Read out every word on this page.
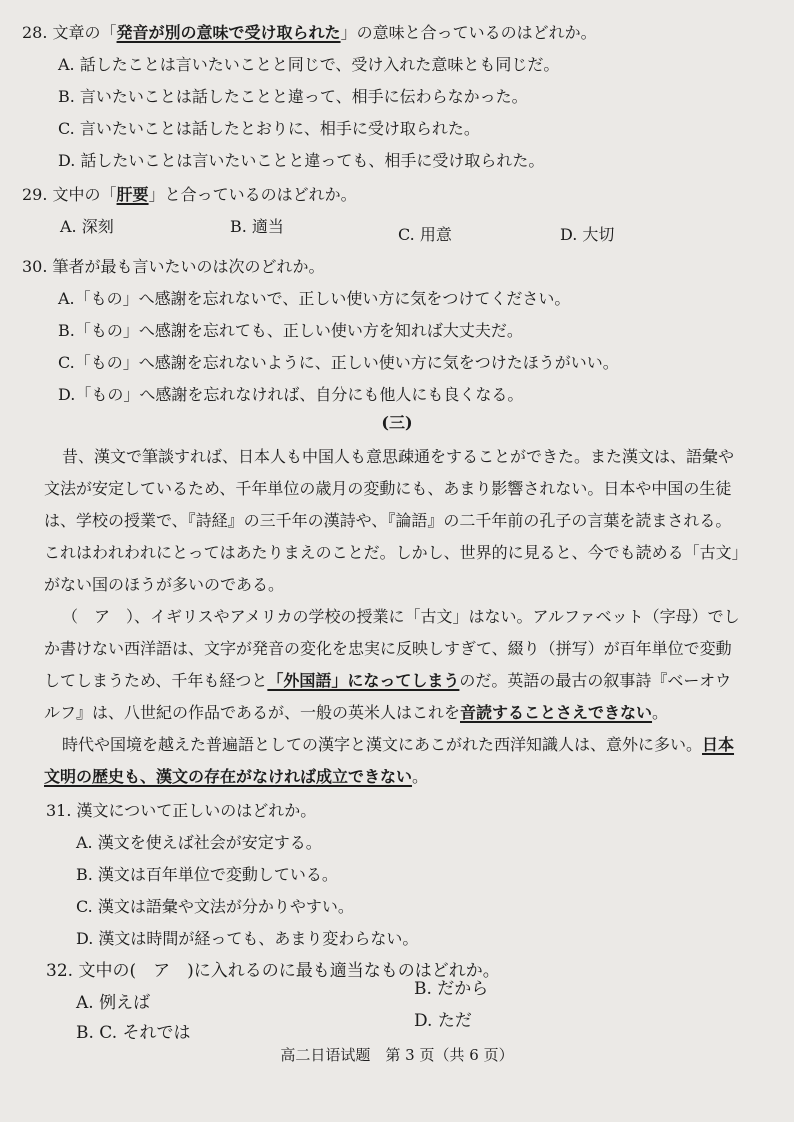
28. 文章の「発音が別の意味で受け取られた」の意味と合っているのはどれか。
A. 話したことは言いたいことと同じで、受け入れた意味とも同じだ。
B. 言いたいことは話したことと違って、相手に伝わらなかった。
C. 言いたいことは話したとおりに、相手に受け取られた。
D. 話したいことは言いたいことと違っても、相手に受け取られた。
29. 文中の「肝要」と合っているのはどれか。
A. 深刻	B. 適当	C. 用意	D. 大切
30. 筆者が最も言いたいのは次のどれか。
A.「もの」へ感謝を忘れないで、正しい使い方に気をつけてください。
B.「もの」へ感謝を忘れても、正しい使い方を知れば大丈夫だ。
C.「もの」へ感謝を忘れないように、正しい使い方に気をつけたほうがいい。
D.「もの」へ感謝を忘れなければ、自分にも他人にも良くなる。
(三)
昔、漢文で筆談すれば、日本人も中国人も意思疎通をすることができた。また漢文は、語彙や
文法が安定しているため、千年単位の歳月の変動にも、あまり影響されない。日本や中国の生徒
は、学校の授業で、『詩経』の三千年の漢詩や、『論語』の二千年前の孔子の言葉を読まされる。
これはわれわれにとってはあたりまえのことだ。しかし、世界的に見ると、今でも読める「古文」
がない国のほうが多いのである。
（　ア　）、イギリスやアメリカの学校の授業に「古文」はない。アルファベット（字母）でし
か書けない西洋語は、文字が発音の変化を忠実に反映しすぎて、綴り（拼写）が百年単位で変動
してしまうため、千年も経つと「外国語」になってしまうのだ。英語の最古の叙事詩『ベーオウ
ルフ』は、八世紀の作品であるが、一般の英米人はこれを音読することさえできない。
時代や国境を越えた普遍語としての漢字と漢文にあこがれた西洋知識人は、意外に多い。日本
文明の歴史も、漢文の存在がなければ成立できない。
31. 漢文について正しいのはどれか。
A. 漢文を使えば社会が安定する。
B. 漢文は百年単位で変動している。
C. 漢文は語彙や文法が分かりやすい。
D. 漢文は時間が経っても、あまり変わらない。
32. 文中の(　ア　)に入れるのに最も適当なものはどれか。
A. 例えば
B. だから
B. C. それでは
D. ただ
高二日语试题　第 3 页（共 6 页）
